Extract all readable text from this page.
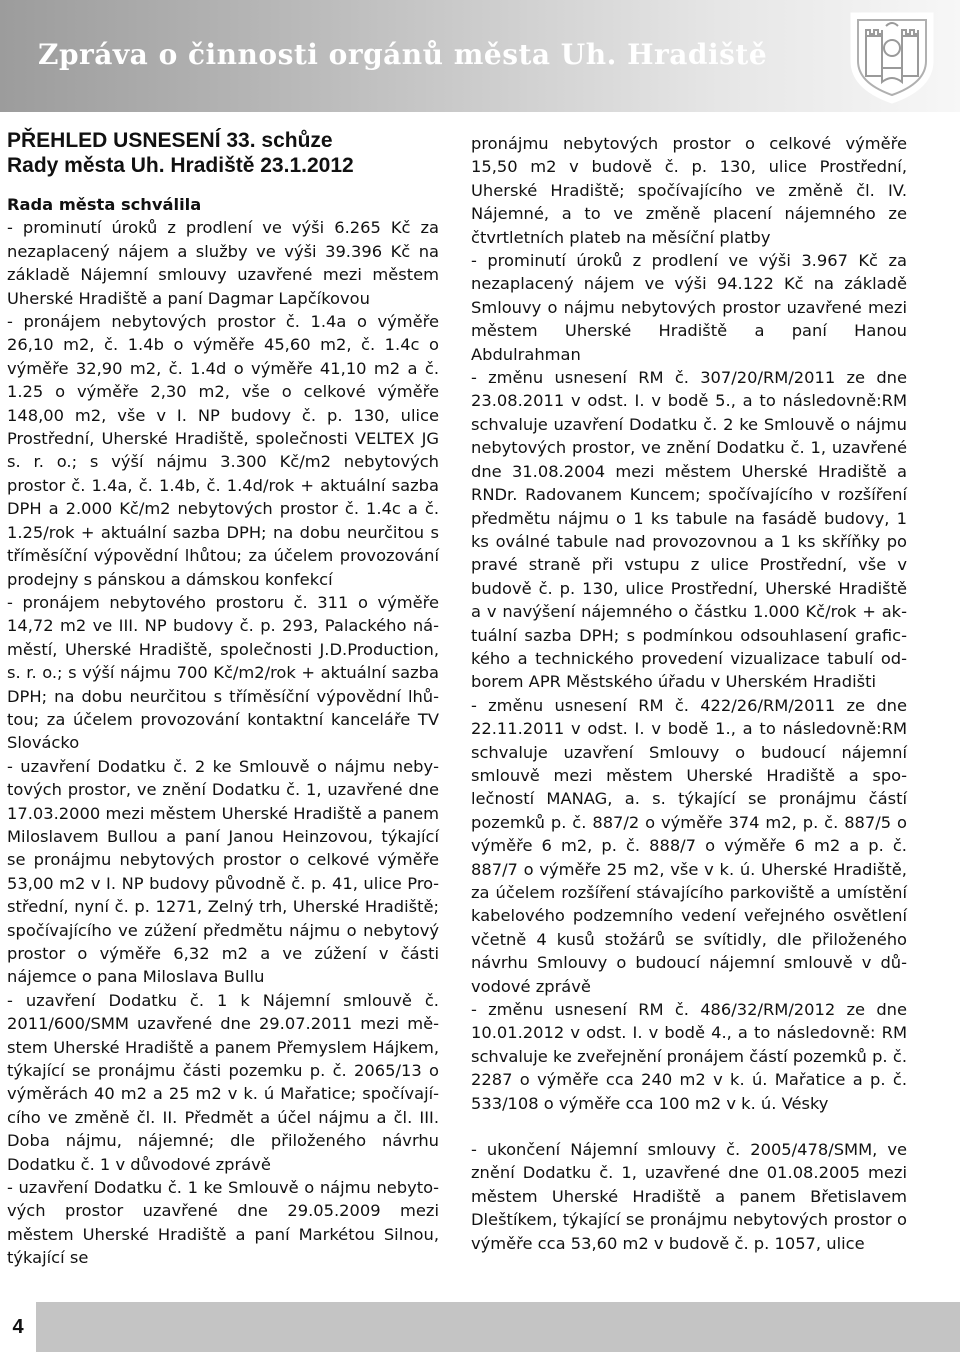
Zpráva o činnosti orgánů města Uh. Hradiště
PŘEHLED USNESENÍ 33. schůze
Rady města Uh. Hradiště 23.1.2012

Rada města schválila

- prominutí úroků z prodlení ve výši 6.265 Kč za nezaplacený nájem a služby ve výši 39.396 Kč na základě Nájemní smlouvy uzavřené mezi městem Uherské Hradiště a paní Dagmar Lapčíkovou

- pronájem nebytových prostor č. 1.4a o výměře 26,10 m2, č. 1.4b o výměře 45,60 m2, č. 1.4c o výměře 32,90 m2, č. 1.4d o výměře 41,10 m2 a č. 1.25 o výměře 2,30 m2, vše o celkové výměře 148,00 m2, vše v I. NP budovy č. p. 130, ulice Prostřední, Uherské Hradiště, společnosti VELTEX JG s. r. o.; s výší nájmu 3.300 Kč/m2 nebytových prostor č. 1.4a, č. 1.4b, č. 1.4d/rok + aktuální sazba DPH a 2.000 Kč/m2 nebytových prostor č. 1.4c a č. 1.25/rok + aktuální sazba DPH; na dobu neurčitou s tříměsíční výpovědní lhůtou; za účelem provozování prodejny s pánskou a dámskou konfekcí

- pronájem nebytového prostoru č. 311 o výměře 14,72 m2 ve III. NP budovy č. p. 293, Palackého náměstí, Uherské Hradiště, společnosti J.D.Production, s. r. o.; s výší nájmu 700 Kč/m2/rok + aktuální sazba DPH; na dobu neurčitou s tříměsíční výpovědní lhůtou; za účelem provozování kontaktní kanceláře TV Slovácko

- uzavření Dodatku č. 2 ke Smlouvě o nájmu nebytových prostor, ve znění Dodatku č. 1, uzavřené dne 17.03.2000 mezi městem Uherské Hradiště a panem Miloslavem Bullou a paní Janou Heinzovou, týkající se pronájmu nebytových prostor o celkové výměře 53,00 m2 v I. NP budovy původně č. p. 41, ulice Prostřední, nyní č. p. 1271, Zelný trh, Uherské Hradiště; spočívajícího ve zúžení předmětu nájmu o nebytový prostor o výměře 6,32 m2 a ve zúžení v části nájemce o pana Miloslava Bullu

- uzavření Dodatku č. 1 k Nájemní smlouvě č. 2011/600/SMM uzavřené dne 29.07.2011 mezi městem Uherské Hradiště a panem Přemyslem Hájkem, týkající se pronájmu části pozemku p. č. 2065/13 o výměrách 40 m2 a 25 m2 v k. ú Mařatice; spočívajícího ve změně čl. II. Předmět a účel nájmu a čl. III. Doba nájmu, nájemné; dle přiloženého návrhu Dodatku č. 1 v důvodové zprávě

- uzavření Dodatku č. 1 ke Smlouvě o nájmu nebytových prostor uzavřené dne 29.05.2009 mezi městem Uherské Hradiště a paní Markétou Silnou, týkající se

pronájmu nebytových prostor o celkové výměře 15,50 m2 v budově č. p. 130, ulice Prostřední, Uherské Hradiště; spočívajícího ve změně čl. IV. Nájemné, a to ve změně placení nájemného ze čtvrtletních plateb na měsíční platby

- prominutí úroků z prodlení ve výši 3.967 Kč za nezaplacený nájem ve výši 94.122 Kč na základě Smlouvy o nájmu nebytových prostor uzavřené mezi městem Uherské Hradiště a paní Hanou Abdulrahman

- změnu usnesení RM č. 307/20/RM/2011 ze dne 23.08.2011 v odst. I. v bodě 5., a to následovně:RM schvaluje uzavření Dodatku č. 2 ke Smlouvě o nájmu nebytových prostor, ve znění Dodatku č. 1, uzavřené dne 31.08.2004 mezi městem Uherské Hradiště a RNDr. Radovanem Kuncem; spočívajícího v rozšíření předmětu nájmu o 1 ks tabule na fasádě budovy, 1 ks oválné tabule nad provozovnou a 1 ks skříňky po pravé straně při vstupu z ulice Prostřední, vše v budově č. p. 130, ulice Prostřední, Uherské Hradiště a v navýšení nájemného o částku 1.000 Kč/rok + aktuální sazba DPH; s podmínkou odsouhlasení grafického a technického provedení vizualizace tabulí odborem APR Městského úřadu v Uherském Hradišti

- změnu usnesení RM č. 422/26/RM/2011 ze dne 22.11.2011 v odst. I. v bodě 1., a to následovně:RM schvaluje uzavření Smlouvy o budoucí nájemní smlouvě mezi městem Uherské Hradiště a společností MANAG, a. s. týkající se pronájmu částí pozemků p. č. 887/2 o výměře 374 m2, p. č. 887/5 o výměře 6 m2, p. č. 888/7 o výměře 6 m2 a p. č. 887/7 o výměře 25 m2, vše v k. ú. Uherské Hradiště, za účelem rozšíření stávajícího parkoviště a umístění kabelového podzemního vedení veřejného osvětlení včetně 4 kusů stožárů se svítidly, dle přiloženého návrhu Smlouvy o budoucí nájemní smlouvě v důvodové zprávě

- změnu usnesení RM č. 486/32/RM/2012 ze dne 10.01.2012 v odst. I. v bodě 4., a to následovně: RM schvaluje ke zveřejnění pronájem částí pozemků p. č. 2287 o výměře cca 240 m2 v k. ú. Mařatice a p. č. 533/108 o výměře cca 100 m2 v k. ú. Vésky

- ukončení Nájemní smlouvy č. 2005/478/SMM, ve znění Dodatku č. 1, uzavřené dne 01.08.2005 mezi městem Uherské Hradiště a panem Břetislavem Dleštíkem, týkající se pronájmu nebytových prostor o výměře cca 53,60 m2 v budově č. p. 1057, ulice

4
